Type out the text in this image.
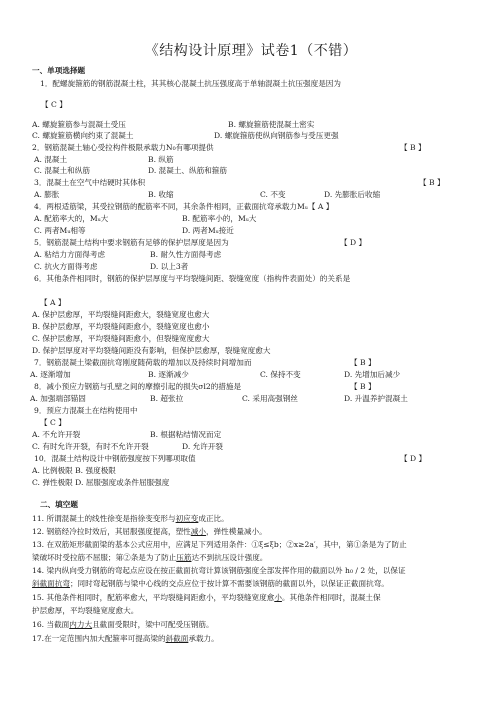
《结构设计原理》试卷1（不错）
一、单项选择题
1．配螺旋箍筋的钢筋混凝土柱，其其核心混凝土抗压强度高于单轴混凝土抗压强度是因为
【 C 】
A. 螺旋箍筋参与混凝土受压	B. 螺旋箍筋使混凝土密实
C. 螺旋箍筋横向约束了混凝土	D. 螺旋箍筋使纵向钢筋参与受压更强
2．钢筋混凝土轴心受拉构件极限承载力N₀有哪项提供	【 B 】
A. 混凝土	B. 纵筋
C. 混凝土和纵筋	D. 混凝土、纵筋和箍筋
3．混凝土在空气中结硬时其体积	【 B 】
A. 膨胀	B. 收缩	C. 不变	D. 先膨胀后收缩
4．两根适筋梁，其受拉钢筋的配筋率不同，其余条件相同，正截面抗弯承载力Mᵤ【 A 】
A. 配筋率大的，Mᵤ大	B. 配筋率小的，Mᵤ大
C. 两者Mᵤ相等	D. 两者Mᵤ接近
5．钢筋混凝土结构中要求钢筋有足够的保护层厚度是因为	【 D 】
A. 粘结力方面得考虑	B. 耐久性方面得考虑
C. 抗火方面得考虑	D. 以上3者
6．其他条件相同时，钢筋的保护层厚度与平均裂缝间距、裂缝宽度（指构件表面处）的关系是
【 A 】
A. 保护层愈厚，平均裂缝间距愈大，裂缝宽度也愈大
B. 保护层愈厚，平均裂缝间距愈小，裂缝宽度也愈小
C. 保护层愈厚，平均裂缝间距愈小，但裂缝宽度愈大
D. 保护层厚度对平均裂缝间距没有影响，但保护层愈厚，裂缝宽度愈大
7．钢筋混凝土梁截面抗弯刚度随荷载的增加以及持续时间增加而	【 B 】
A. 逐渐增加	B. 逐渐减少	C. 保持不变	D. 先增加后减少
8．减小预应力钢筋与孔壁之间的摩擦引起的损失σl2的措施是	【 B 】
A. 加强端部锚固	B. 超张拉	C. 采用高强钢丝	D. 升温养护混凝土
9．预应力混凝土在结构使用中
【 C 】
A. 不允许开裂	B. 根据粘结情况而定
C. 有时允许开裂，有时不允许开裂	D. 允许开裂
10．混凝土结构设计中钢筋强度按下列哪项取值	【 D 】
A. 比例极限 B. 强度极限
C. 弹性极限 D. 屈服强度或条件屈服强度
二、填空题
11. 所谓混凝土的线性徐变是指徐变变形与初应变成正比。
12. 钢筋经冷拉时效后，其屈服强度提高，塑性减小，弹性模量减小。
13. 在双筋矩形截面梁的基本公式应用中，应满足下列适用条件：①ξ≤ξb；②x≥2a′，其中，第①条是为了防止
梁破坏时受拉筋不屈服；第②条是为了防止压筋达不到抗压设计强度。
14. 梁内纵向受力钢筋的弯起点应设在按正截面抗弯计算该钢筋强度全部发挥作用的截面以外 h₀ / 2 处，以保证
斜截面抗弯；同时弯起钢筋与梁中心线的交点应位于按计算不需要该钢筋的截面以外，以保证正截面抗弯。
15. 其他条件相同时，配筋率愈大，平均裂缝间距愈小，平均裂缝宽度愈小。其他条件相同时，混凝土保
护层愈厚，平均裂缝宽度愈大。
16. 当截面内力大且截面受限时，梁中可配受压钢筋。
17.在一定范围内加大配箍率可提高梁的斜截面承载力。
